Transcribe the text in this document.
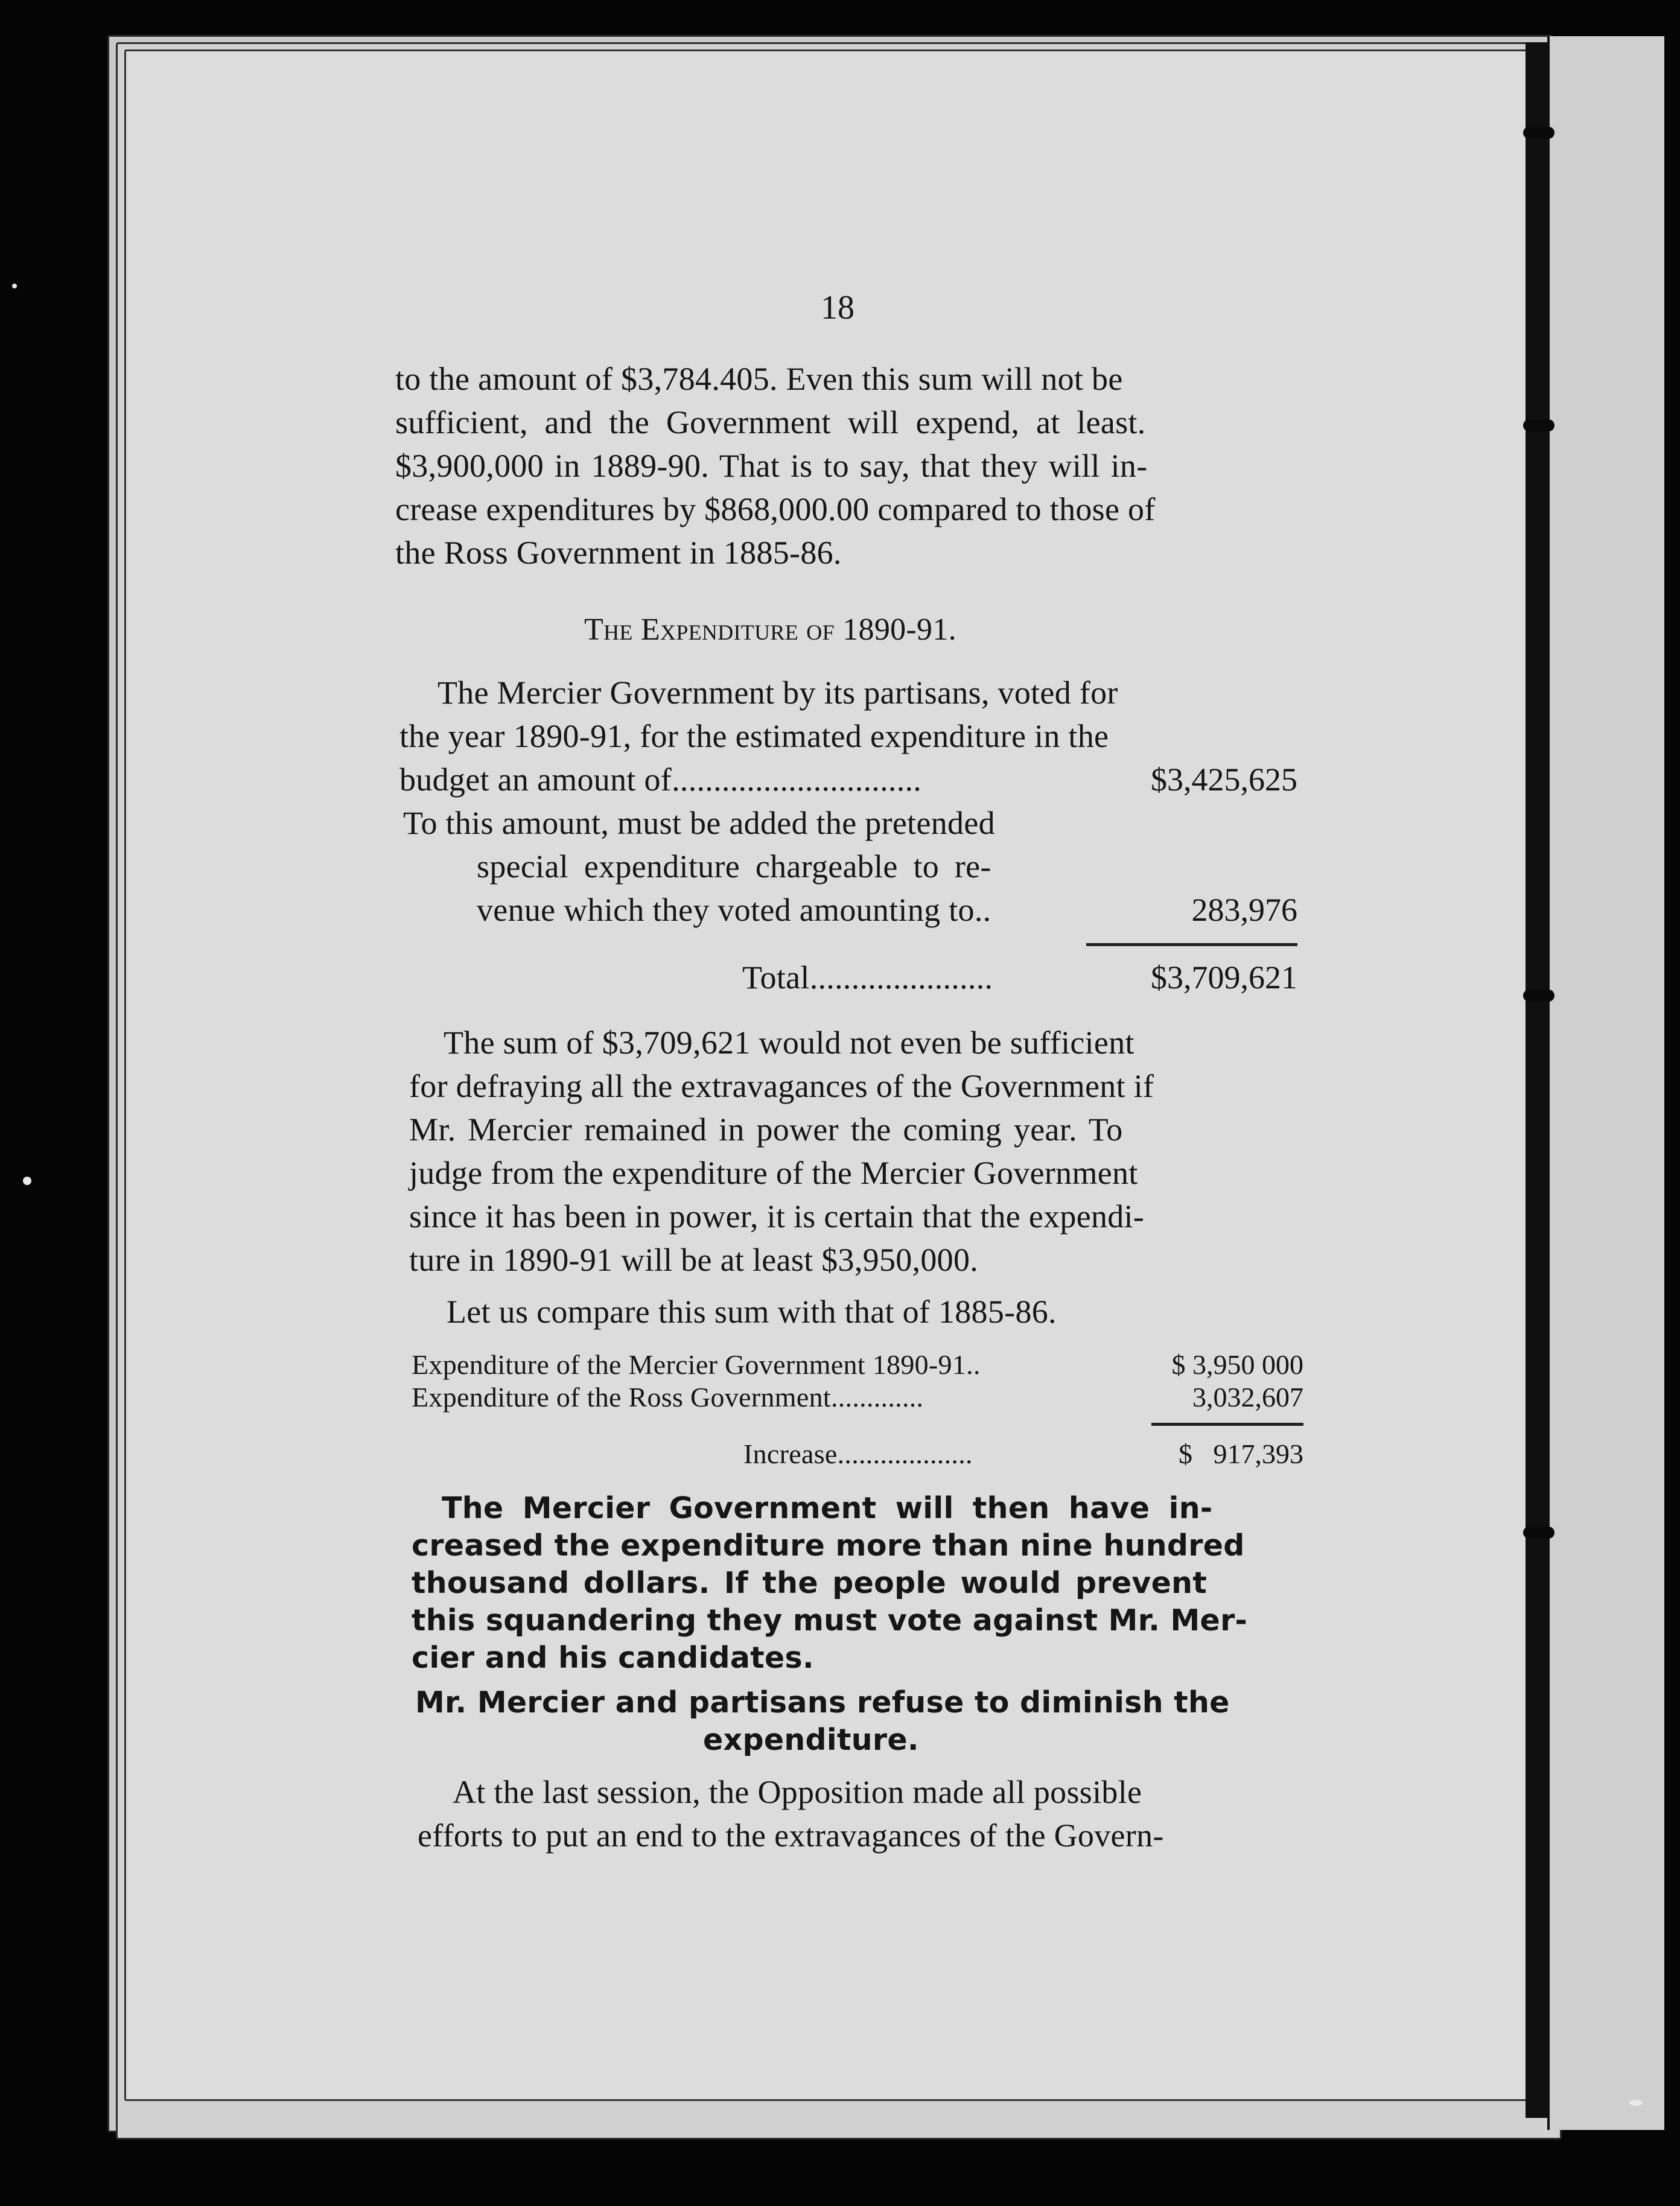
18
to the amount of $3,784.405. Even this sum will not be
sufficient, and the Government will expend, at least.
$3,900,000 in 1889-90. That is to say, that they will in-
crease expenditures by $868,000.00 compared to those of
the Ross Government in 1885-86.
The Expenditure of 1890-91.
The Mercier Government by its partisans, voted for
the year 1890-91, for the estimated expenditure in the
budget an amount of..............................	$3,425,625
To this amount, must be added the pretended
special expenditure chargeable to re-
venue which they voted amounting to..	283,976
Total......................	$3,709,621
The sum of $3,709,621 would not even be sufficient
for defraying all the extravagances of the Government if
Mr. Mercier remained in power the coming year. To
judge from the expenditure of the Mercier Government
since it has been in power, it is certain that the expendi-
ture in 1890-91 will be at least $3,950,000.
Let us compare this sum with that of 1885-86.
Expenditure of the Mercier Government 1890-91..	$ 3,950 000
Expenditure of the Ross Government.............	3,032,607
Increase...................	$   917,393
The Mercier Government will then have in-
creased the expenditure more than nine hundred
thousand dollars. If the people would prevent
this squandering they must vote against Mr. Mer-
cier and his candidates.
Mr. Mercier and partisans refuse to diminish the
expenditure.
At the last session, the Opposition made all possible
efforts to put an end to the extravagances of the Govern-
